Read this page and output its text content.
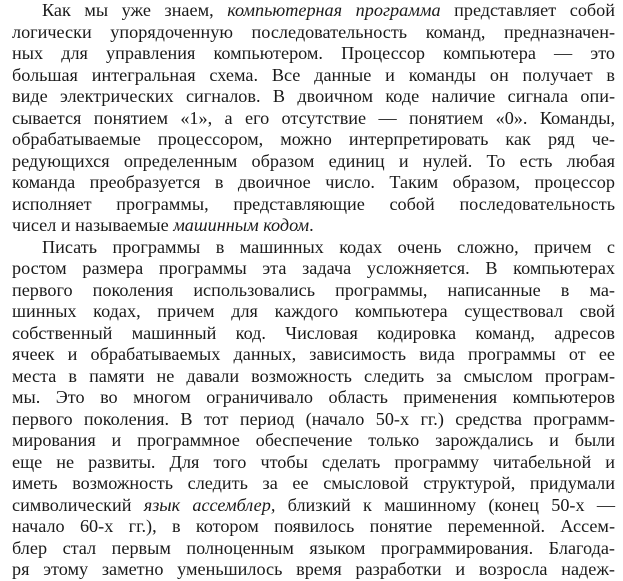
Как мы уже знаем, компьютерная программа представляет собой
логически упорядоченную последовательность команд, предназначен-
ных для управления компьютером. Процессор компьютера — это
большая интегральная схема. Все данные и команды он получает в
виде электрических сигналов. В двоичном коде наличие сигнала опи-
сывается понятием «1», а его отсутствие — понятием «0». Команды,
обрабатываемые процессором, можно интерпретировать как ряд че-
редующихся определенным образом единиц и нулей. То есть любая
команда преобразуется в двоичное число. Таким образом, процессор
исполняет программы, представляющие собой последовательность
чисел и называемые машинным кодом.
Писать программы в машинных кодах очень сложно, причем с
ростом размера программы эта задача усложняется. В компьютерах
первого поколения использовались программы, написанные в ма-
шинных кодах, причем для каждого компьютера существовал свой
собственный машинный код. Числовая кодировка команд, адресов
ячеек и обрабатываемых данных, зависимость вида программы от ее
места в памяти не давали возможность следить за смыслом програм-
мы. Это во многом ограничивало область применения компьютеров
первого поколения. В тот период (начало 50-х гг.) средства программ-
мирования и программное обеспечение только зарождались и были
еще не развиты. Для того чтобы сделать программу читабельной и
иметь возможность следить за ее смысловой структурой, придумали
символический язык ассемблер, близкий к машинному (конец 50-х —
начало 60-х гг.), в котором появилось понятие переменной. Ассем-
блер стал первым полноценным языком программирования. Благода-
ря этому заметно уменьшилось время разработки и возросла надеж-
